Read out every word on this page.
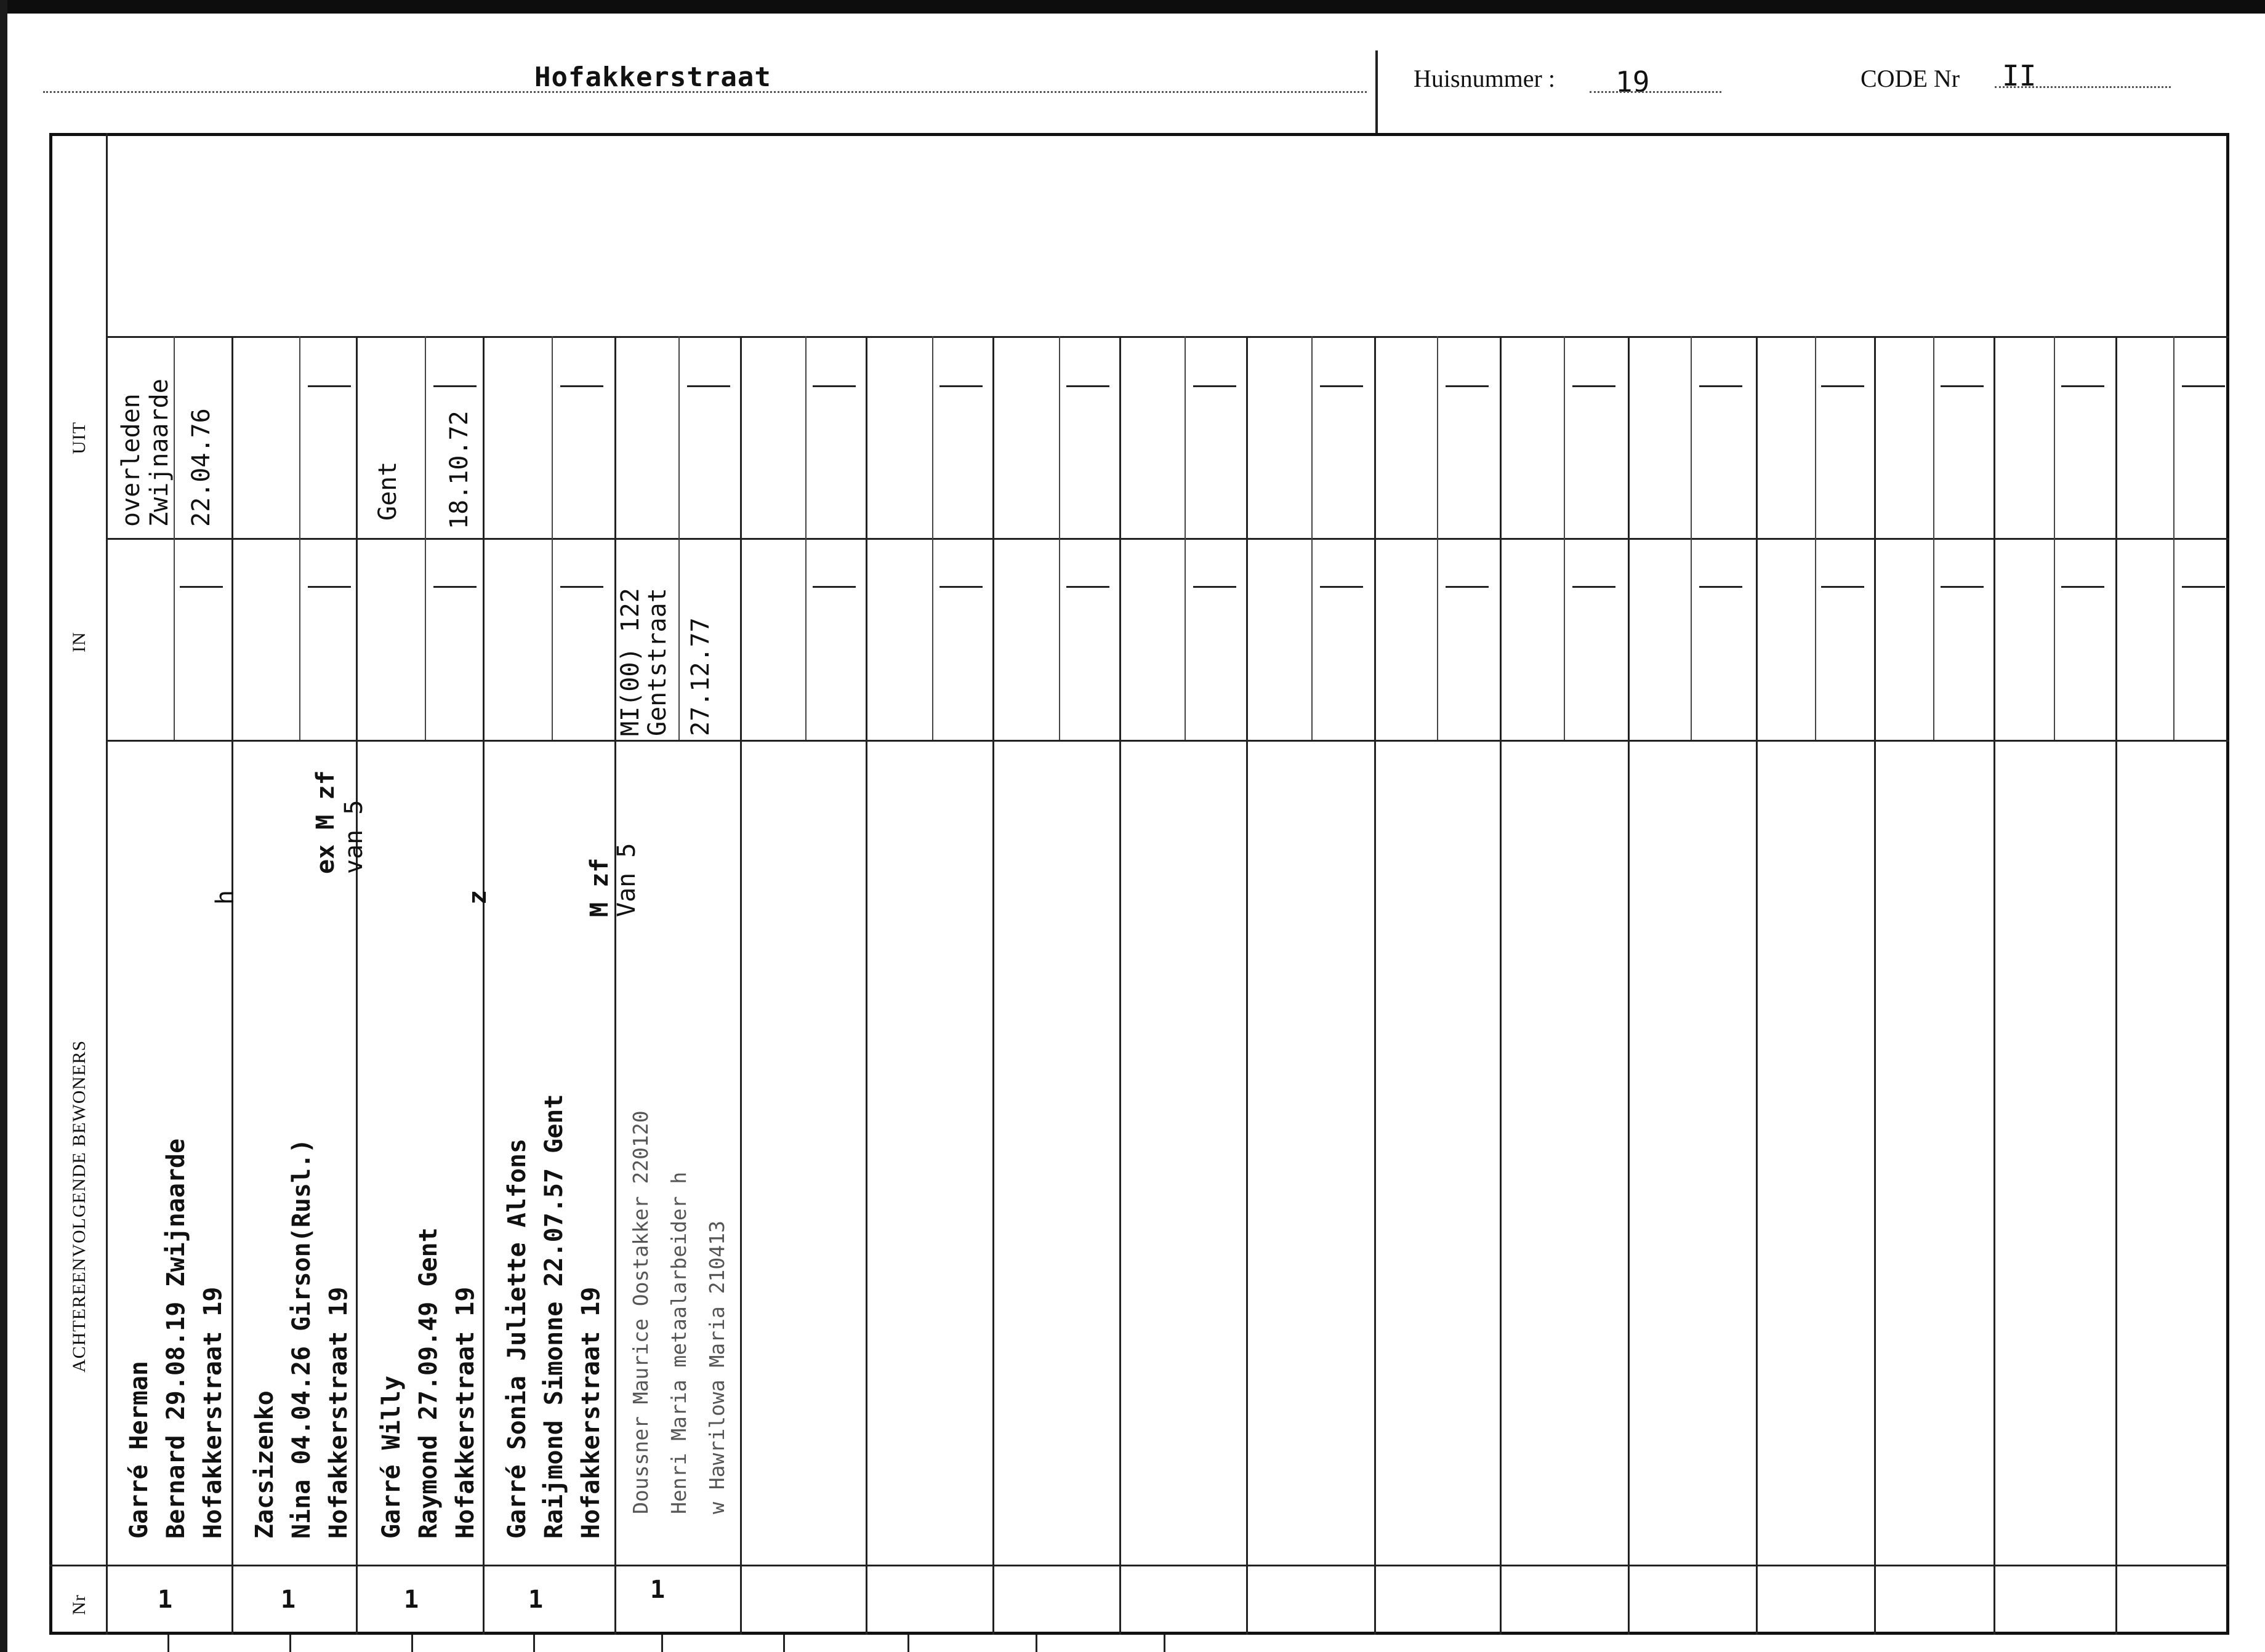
Hofakkerstraat	Huisnummer : 19	CODE Nr II
UIT
IN
ACHTEREENVOLGENDE BEWONERS
Nr
Garré Herman Bernard 29.08.19 Zwijnaarde Hofakkerstraat 19
h
overleden Zwijnaarde 22.04.76
1
Zacsizenko Nina 04.04.26 Girson(Rusl.) Hofakkerstraat 19
ex M zf van 5
1
Garré Willy Raymond 27.09.49 Gent Hofakkerstraat 19
z
Gent 18.10.72
1
Garré Sonia Juliette Alfons Raijmond Simonne 22.07.57 Gent Hofakkerstraat 19
M zf
Van 5
1
Doussner Maurice Oostakker 220120 Henri Maria metaalarbeider h w Hawrilowa Maria 210413
MI(00) 122
Gentstraat 27.12.77
1
